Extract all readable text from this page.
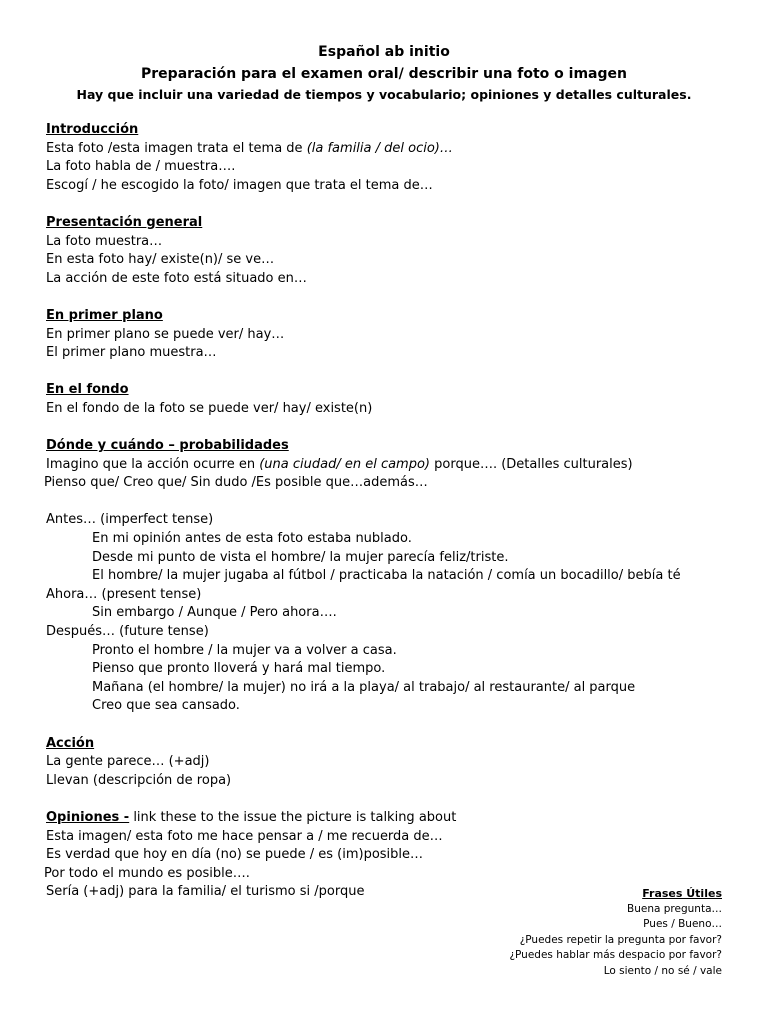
Español ab initio
Preparación para el examen oral/ describir una foto o imagen
Hay que incluir una variedad de tiempos y vocabulario; opiniones y detalles culturales.
Introducción
Esta foto /esta imagen trata el tema de (la familia / del ocio)…
La foto habla de / muestra….
Escogí / he escogido la foto/ imagen que trata el tema de…
Presentación general
La foto muestra…
En esta foto hay/ existe(n)/ se ve…
La acción de este foto está situado en…
En primer plano
En primer plano se puede ver/ hay…
El primer plano muestra…
En el fondo
En el fondo de la foto se puede ver/ hay/ existe(n)
Dónde y cuándo – probabilidades
Imagino que la acción ocurre en (una ciudad/ en el campo) porque…. (Detalles culturales)
Pienso que/ Creo que/ Sin dudo /Es posible que…además…
Antes… (imperfect tense)
En mi opinión antes de esta foto estaba nublado.
Desde mi punto de vista el hombre/ la mujer parecía feliz/triste.
El hombre/ la mujer jugaba al fútbol / practicaba la natación / comía un bocadillo/ bebía té
Ahora… (present tense)
Sin embargo / Aunque / Pero ahora….
Después… (future tense)
Pronto el hombre / la mujer va a volver a casa.
Pienso que pronto lloverá y hará mal tiempo.
Mañana (el hombre/ la mujer) no irá a la playa/ al trabajo/ al restaurante/ al parque
Creo que sea cansado.
Acción
La gente parece… (+adj)
Llevan (descripción de ropa)
Opiniones - link these to the issue the picture is talking about
Esta imagen/ esta foto me hace pensar a / me recuerda de…
Es verdad que hoy en día (no) se puede / es (im)posible…
Por todo el mundo es posible….
Sería (+adj) para la familia/ el turismo si /porque	Frases Útiles
Buena pregunta…
Pues / Bueno…
¿Puedes repetir la pregunta por favor?
¿Puedes hablar más despacio por favor?
Lo siento / no sé / vale
